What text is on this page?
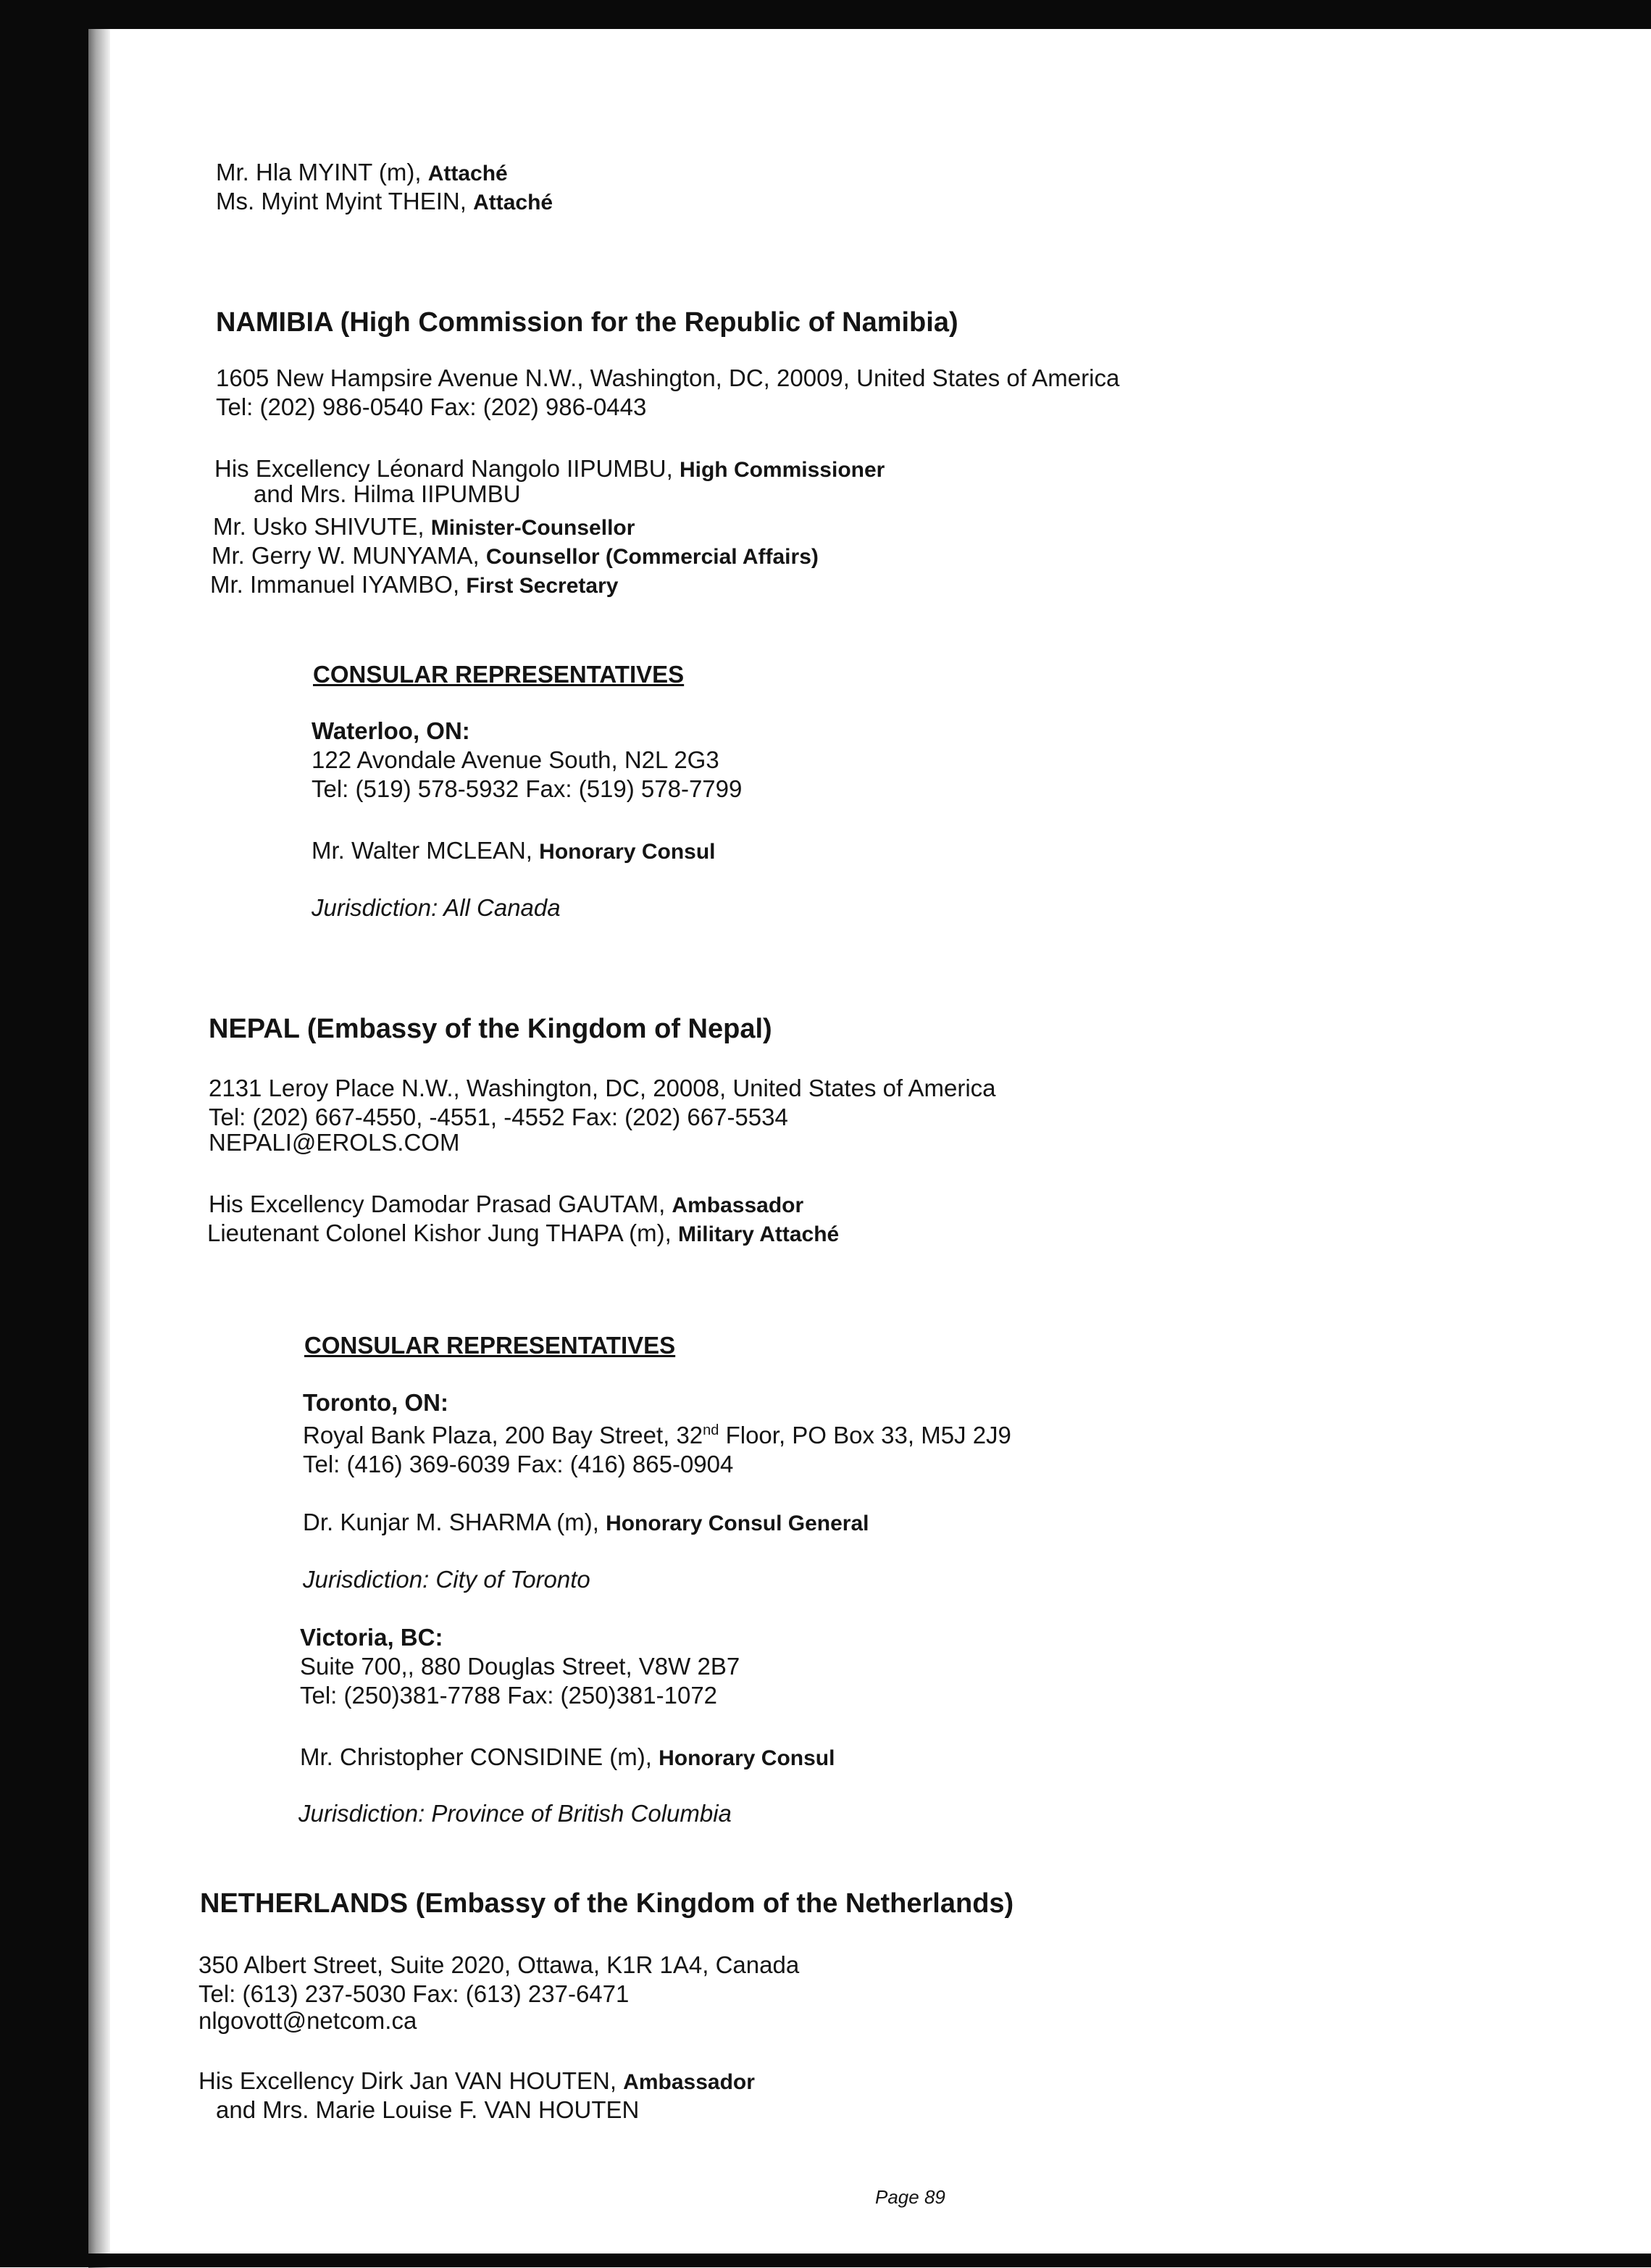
Mr. Hla MYINT (m), Attaché
Ms. Myint Myint THEIN, Attaché
NAMIBIA (High Commission for the Republic of Namibia)
1605 New Hampsire Avenue N.W., Washington, DC, 20009, United States of America
Tel: (202) 986-0540 Fax: (202) 986-0443
His Excellency Léonard Nangolo IIPUMBU, High Commissioner
and Mrs. Hilma IIPUMBU
Mr. Usko SHIVUTE, Minister-Counsellor
Mr. Gerry W. MUNYAMA, Counsellor (Commercial Affairs)
Mr. Immanuel IYAMBO, First Secretary
CONSULAR REPRESENTATIVES
Waterloo, ON:
122 Avondale Avenue South, N2L 2G3
Tel: (519) 578-5932 Fax: (519) 578-7799
Mr. Walter MCLEAN, Honorary Consul
Jurisdiction: All Canada
NEPAL (Embassy of the Kingdom of Nepal)
2131 Leroy Place N.W., Washington, DC, 20008, United States of America
Tel: (202) 667-4550, -4551, -4552 Fax: (202) 667-5534
NEPALI@EROLS.COM
His Excellency Damodar Prasad GAUTAM, Ambassador
Lieutenant Colonel Kishor Jung THAPA (m), Military Attaché
CONSULAR REPRESENTATIVES
Toronto, ON:
Royal Bank Plaza, 200 Bay Street, 32nd Floor, PO Box 33, M5J 2J9
Tel: (416) 369-6039 Fax: (416) 865-0904
Dr. Kunjar M. SHARMA (m), Honorary Consul General
Jurisdiction: City of Toronto
Victoria, BC:
Suite 700,, 880 Douglas Street, V8W 2B7
Tel: (250)381-7788 Fax: (250)381-1072
Mr. Christopher CONSIDINE (m), Honorary Consul
Jurisdiction: Province of British Columbia
NETHERLANDS (Embassy of the Kingdom of the Netherlands)
350 Albert Street, Suite 2020, Ottawa, K1R 1A4, Canada
Tel: (613) 237-5030 Fax: (613) 237-6471
nlgovott@netcom.ca
His Excellency Dirk Jan VAN HOUTEN, Ambassador
and Mrs. Marie Louise F. VAN HOUTEN
Page 89
